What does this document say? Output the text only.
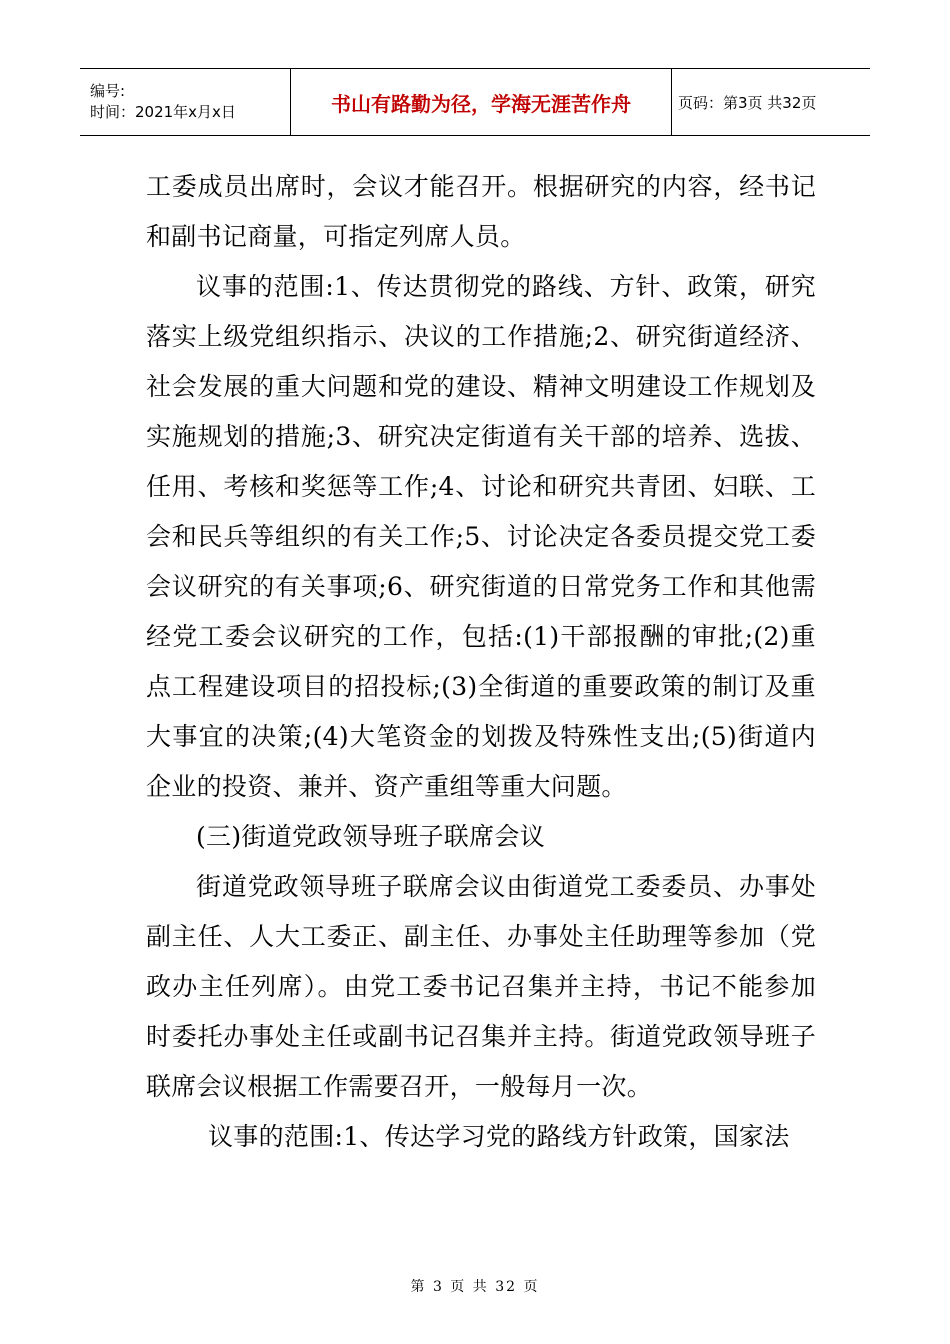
编号:
时间：2021年x月x日	书山有路勤为径，学海无涯苦作舟	页码：第3页 共32页

工委成员出席时，会议才能召开。根据研究的内容，经书记和副书记商量，可指定列席人员。

议事的范围:1、传达贯彻党的路线、方针、政策，研究落实上级党组织指示、决议的工作措施;2、研究街道经济、社会发展的重大问题和党的建设、精神文明建设工作规划及实施规划的措施;3、研究决定街道有关干部的培养、选拔、任用、考核和奖惩等工作;4、讨论和研究共青团、妇联、工会和民兵等组织的有关工作;5、讨论决定各委员提交党工委会议研究的有关事项;6、研究街道的日常党务工作和其他需经党工委会议研究的工作，包括:(1)干部报酬的审批;(2)重点工程建设项目的招投标;(3)全街道的重要政策的制订及重大事宜的决策;(4)大笔资金的划拨及特殊性支出;(5)街道内企业的投资、兼并、资产重组等重大问题。

(三)街道党政领导班子联席会议

街道党政领导班子联席会议由街道党工委委员、办事处副主任、人大工委正、副主任、办事处主任助理等参加（党政办主任列席）。由党工委书记召集并主持，书记不能参加时委托办事处主任或副书记召集并主持。街道党政领导班子联席会议根据工作需要召开，一般每月一次。

议事的范围:1、传达学习党的路线方针政策，国家法

第 3 页 共 32 页
